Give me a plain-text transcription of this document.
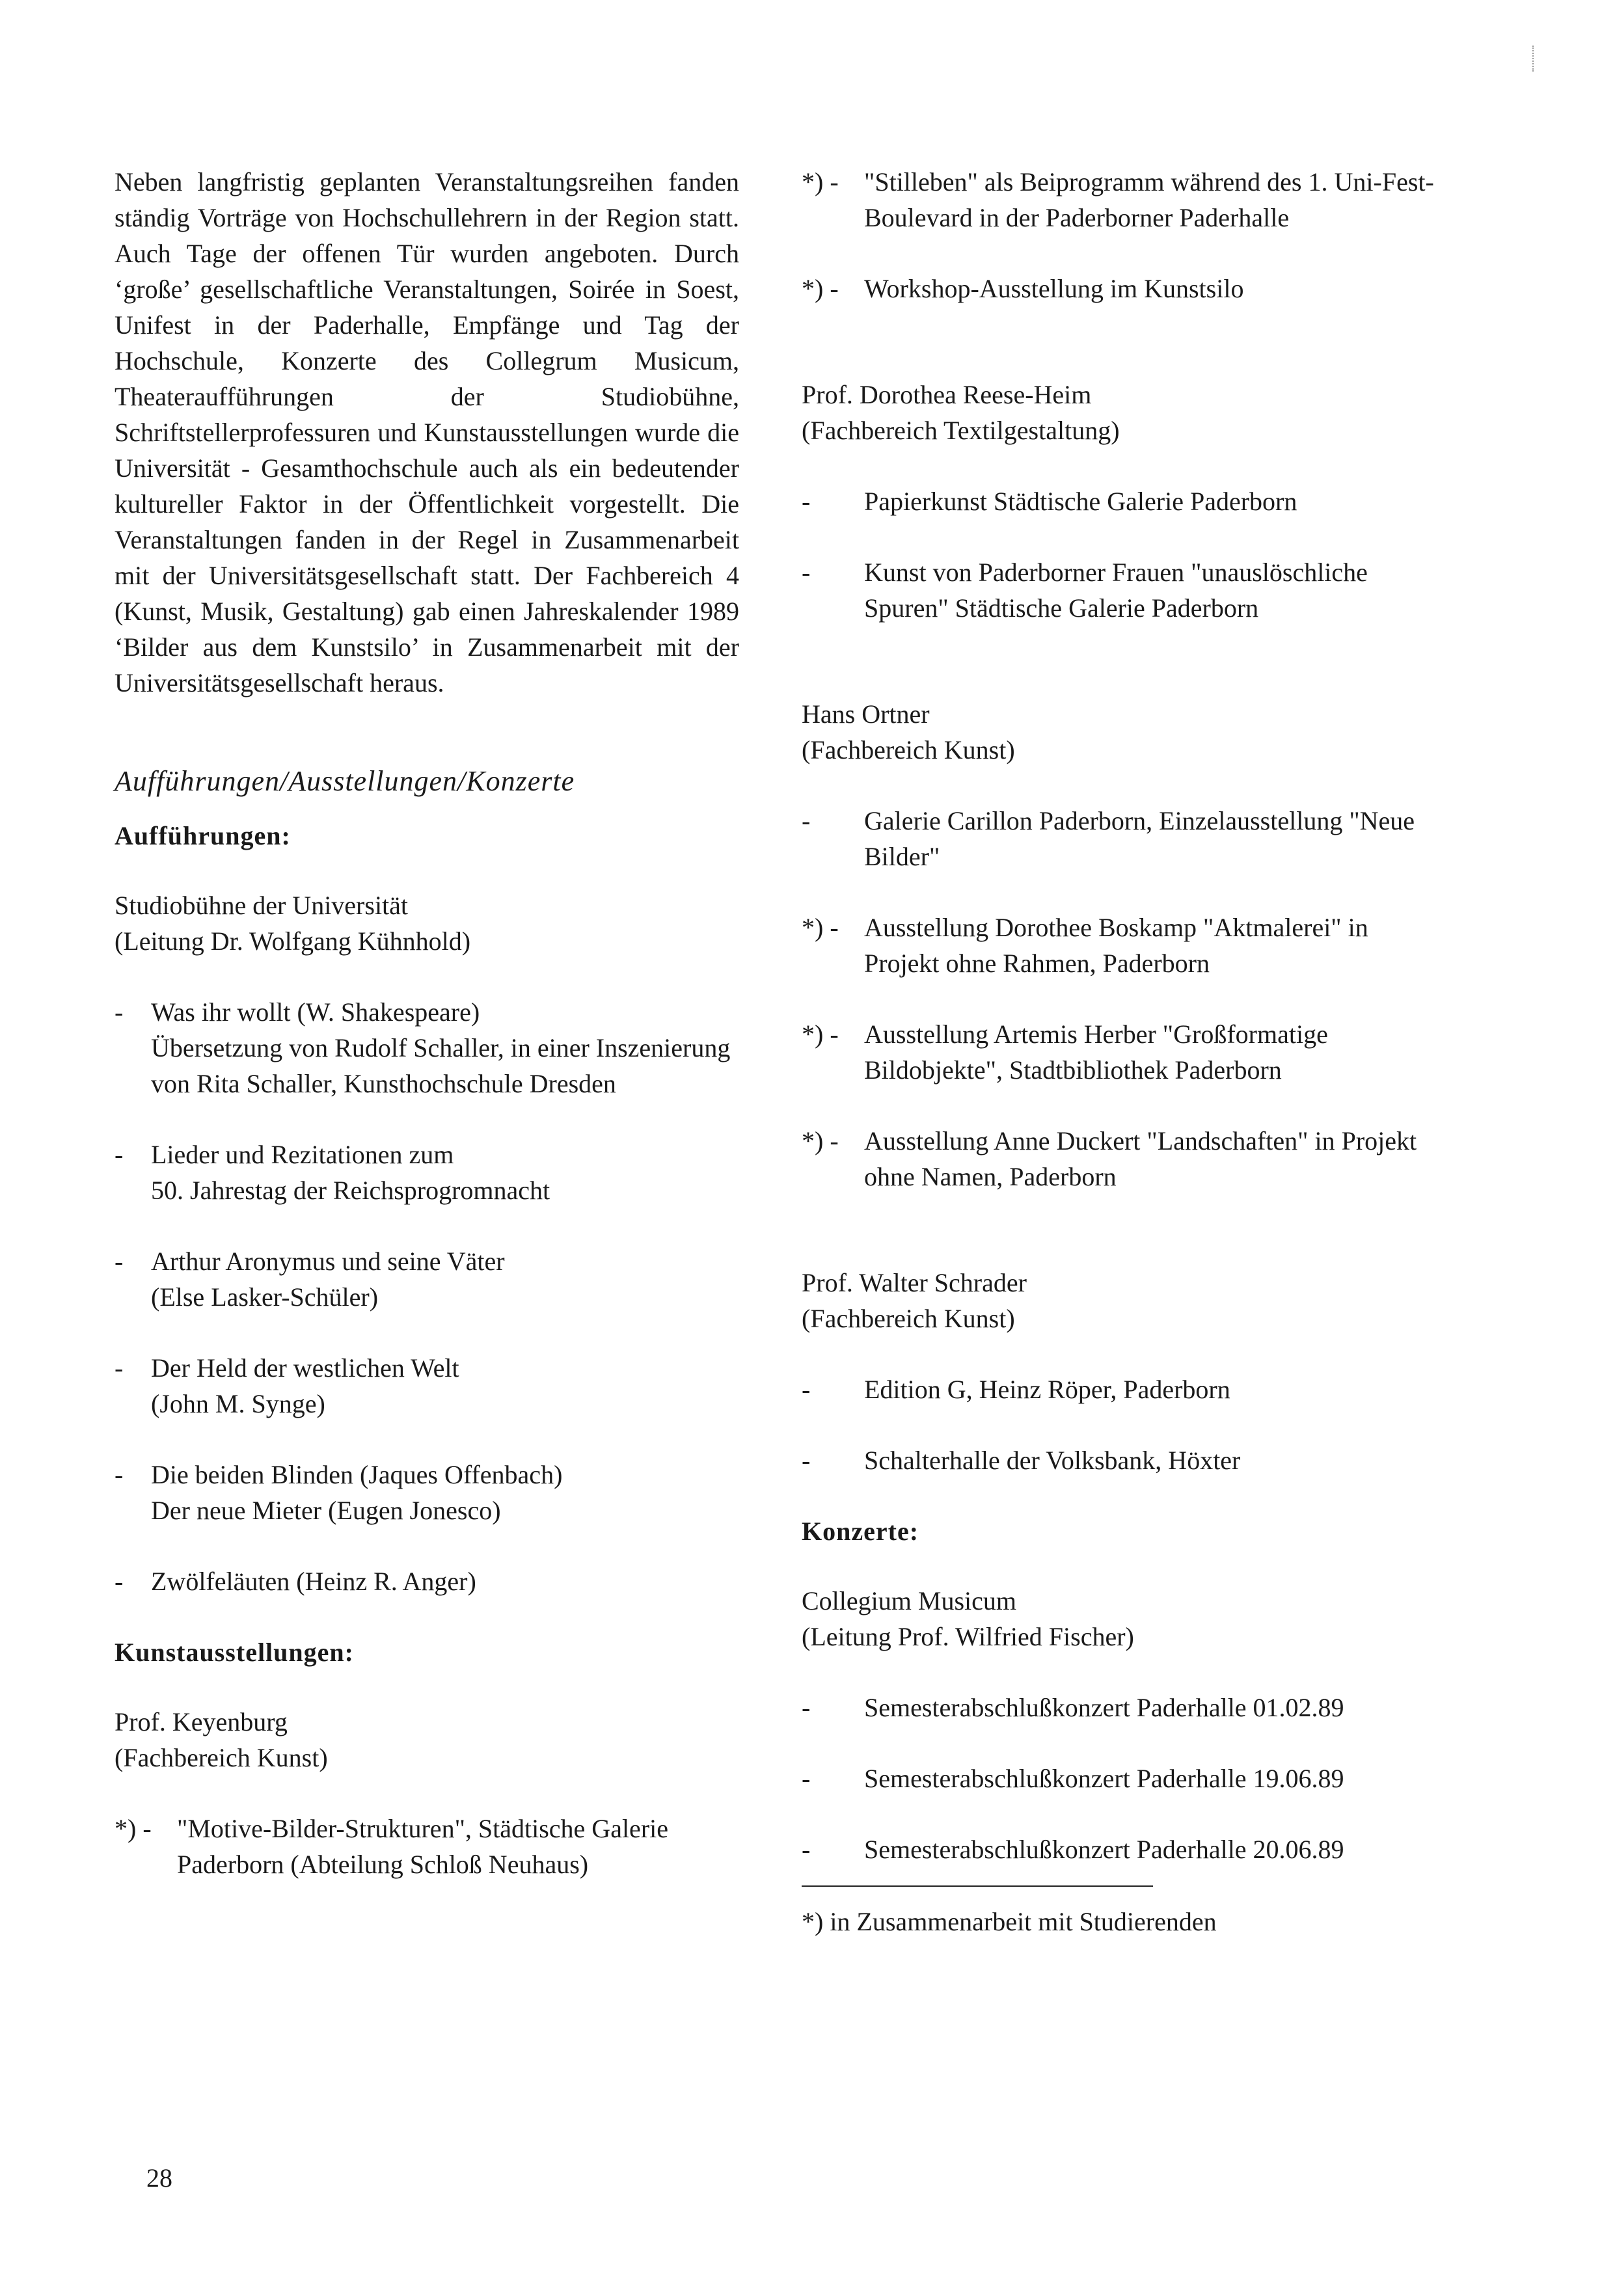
Neben langfristig geplanten Veranstaltungsreihen fanden ständig Vorträge von Hochschullehrern in der Region statt. Auch Tage der offenen Tür wurden angeboten. Durch ‘große’ gesellschaftliche Veranstaltungen, Soirée in Soest, Unifest in der Paderhalle, Empfänge und Tag der Hochschule, Konzerte des Collegrum Musicum, Theateraufführungen der Studiobühne, Schriftstellerprofessuren und Kunstausstellungen wurde die Universität - Gesamthochschule auch als ein bedeutender kultureller Faktor in der Öffentlichkeit vorgestellt. Die Veranstaltungen fanden in der Regel in Zusammenarbeit mit der Universitätsgesellschaft statt. Der Fachbereich 4 (Kunst, Musik, Gestaltung) gab einen Jahreskalender 1989 ‘Bilder aus dem Kunstsilo’ in Zusammenarbeit mit der Universitätsgesellschaft heraus.

Aufführungen/Ausstellungen/Konzerte
Aufführungen:
Studiobühne der Universität
(Leitung Dr. Wolfgang Kühnhold)
- Was ihr wollt (W. Shakespeare)
Übersetzung von Rudolf Schaller, in einer Inszenierung von Rita Schaller, Kunsthochschule Dresden
- Lieder und Rezitationen zum
50. Jahrestag der Reichsprogromnacht
- Arthur Aronymus und seine Väter
(Else Lasker-Schüler)
- Der Held der westlichen Welt
(John M. Synge)
- Die beiden Blinden (Jaques Offenbach)
Der neue Mieter (Eugen Jonesco)
- Zwölfeläuten (Heinz R. Anger)
Kunstausstellungen:
Prof. Keyenburg
(Fachbereich Kunst)
*) - "Motive-Bilder-Strukturen", Städtische Galerie Paderborn (Abteilung Schloß Neuhaus)
*) - "Stilleben" als Beiprogramm während des 1. Uni-Fest-Boulevard in der Paderborner Paderhalle
*) - Workshop-Ausstellung im Kunstsilo
Prof. Dorothea Reese-Heim
(Fachbereich Textilgestaltung)
- Papierkunst Städtische Galerie Paderborn
- Kunst von Paderborner Frauen "unauslöschliche Spuren" Städtische Galerie Paderborn
Hans Ortner
(Fachbereich Kunst)
- Galerie Carillon Paderborn, Einzelausstellung "Neue Bilder"
*) - Ausstellung Dorothee Boskamp "Aktmalerei" in Projekt ohne Rahmen, Paderborn
*) - Ausstellung Artemis Herber "Großformatige Bildobjekte", Stadtbibliothek Paderborn
*) - Ausstellung Anne Duckert "Landschaften" in Projekt ohne Namen, Paderborn
Prof. Walter Schrader
(Fachbereich Kunst)
- Edition G, Heinz Röper, Paderborn
- Schalterhalle der Volksbank, Höxter
Konzerte:
Collegium Musicum
(Leitung Prof. Wilfried Fischer)
- Semesterabschlußkonzert Paderhalle 01.02.89
- Semesterabschlußkonzert Paderhalle 19.06.89
- Semesterabschlußkonzert Paderhalle 20.06.89
*) in Zusammenarbeit mit Studierenden
28
